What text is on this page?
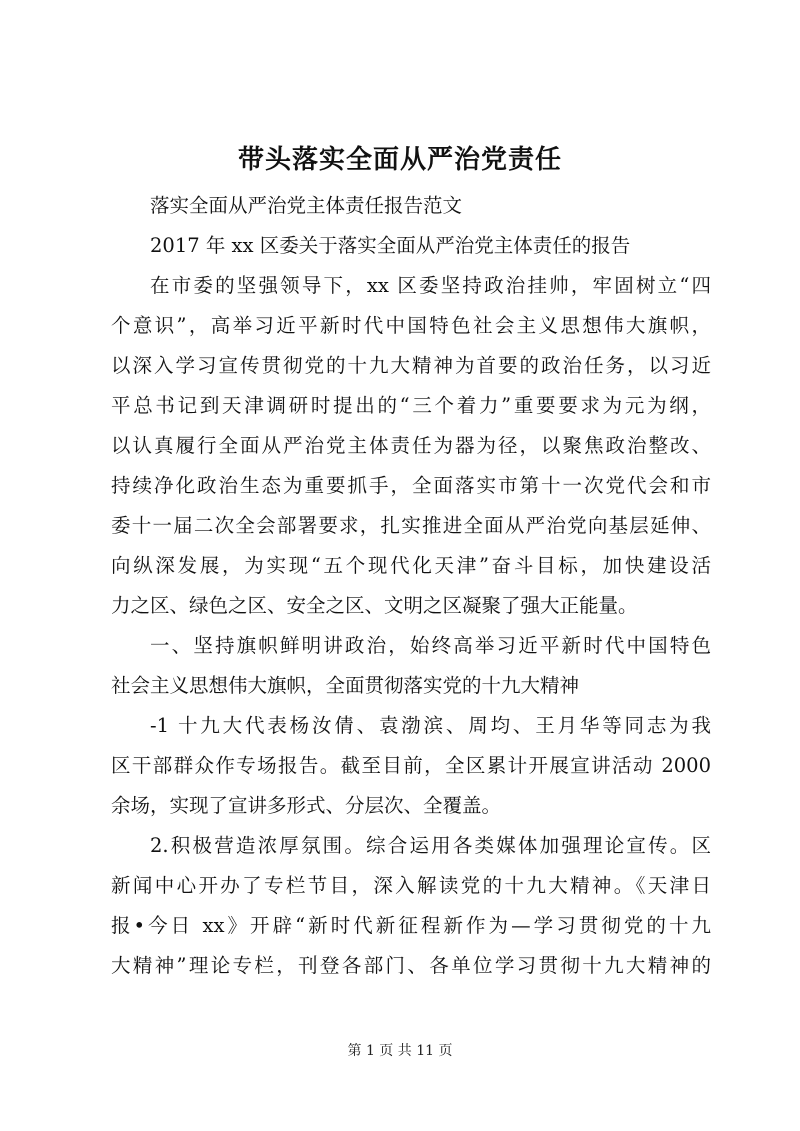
带头落实全面从严治党责任
落实全面从严治党主体责任报告范文
2017 年 xx 区委关于落实全面从严治党主体责任的报告
在市委的坚强领导下，xx 区委坚持政治挂帅，牢固树立“四
个意识”，高举习近平新时代中国特色社会主义思想伟大旗帜，
以深入学习宣传贯彻党的十九大精神为首要的政治任务，以习近
平总书记到天津调研时提出的“三个着力”重要要求为元为纲，
以认真履行全面从严治党主体责任为器为径，以聚焦政治整改、
持续净化政治生态为重要抓手，全面落实市第十一次党代会和市
委十一届二次全会部署要求，扎实推进全面从严治党向基层延伸、
向纵深发展，为实现“五个现代化天津”奋斗目标，加快建设活
力之区、绿色之区、安全之区、文明之区凝聚了强大正能量。
一、坚持旗帜鲜明讲政治，始终高举习近平新时代中国特色
社会主义思想伟大旗帜，全面贯彻落实党的十九大精神
-1 十九大代表杨汝倩、袁渤滨、周均、王月华等同志为我
区干部群众作专场报告。截至目前，全区累计开展宣讲活动 2000
余场，实现了宣讲多形式、分层次、全覆盖。
2.积极营造浓厚氛围。综合运用各类媒体加强理论宣传。区
新闻中心开办了专栏节目，深入解读党的十九大精神。《天津日
报•今日 xx》开辟“新时代新征程新作为—学习贯彻党的十九
大精神”理论专栏，刊登各部门、各单位学习贯彻十九大精神的
第 1 页 共 11 页
